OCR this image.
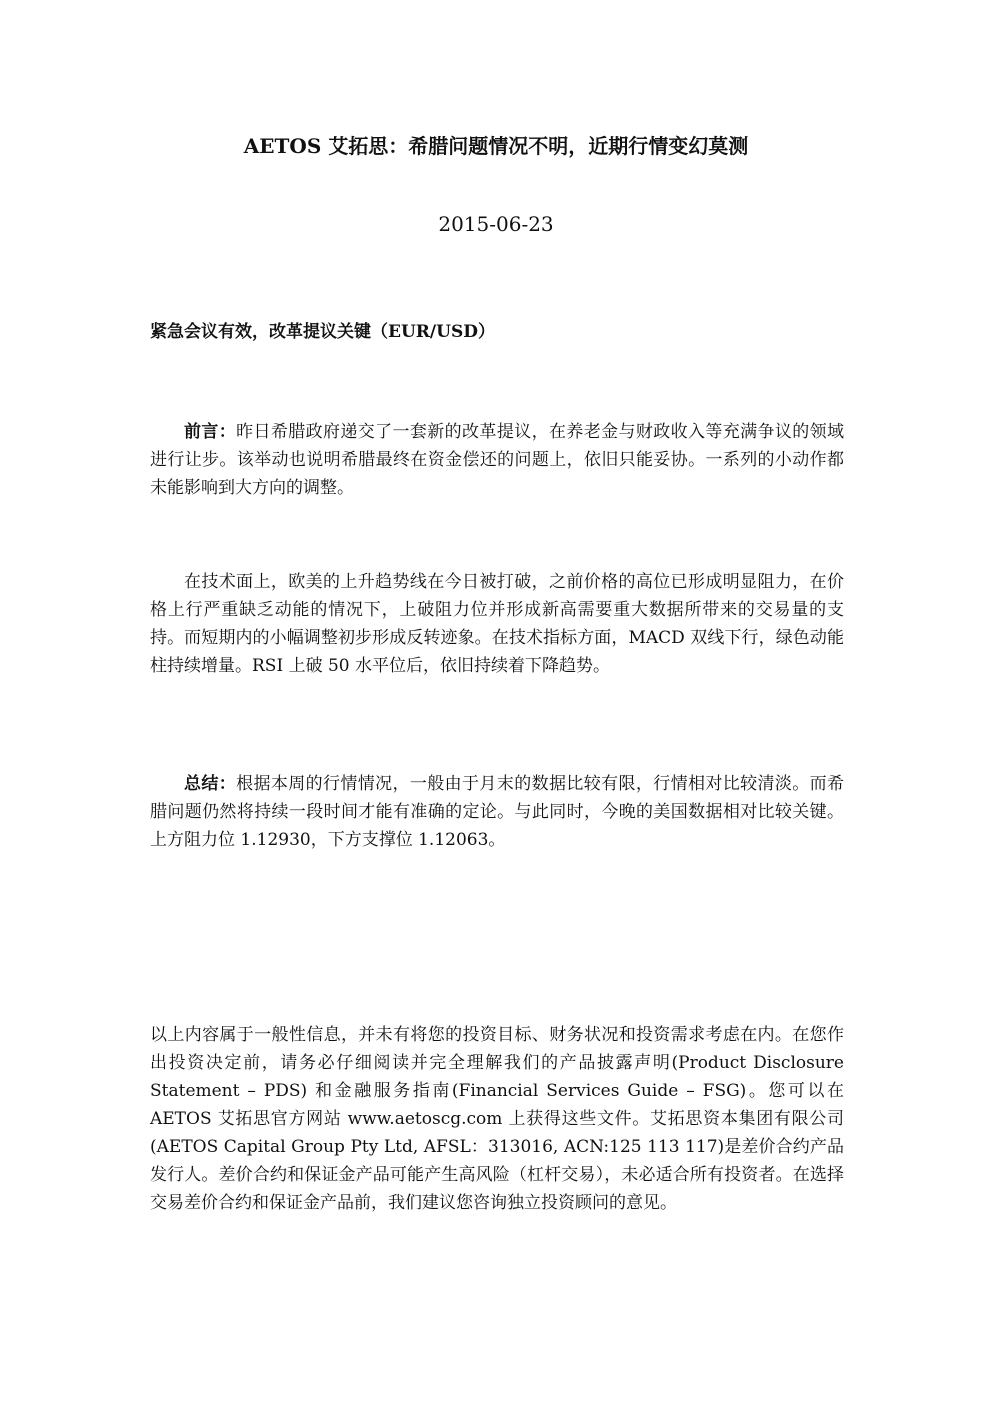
AETOS 艾拓思：希腊问题情况不明，近期行情变幻莫测
2015-06-23
紧急会议有效，改革提议关键（EUR/USD）

前言：昨日希腊政府递交了一套新的改革提议，在养老金与财政收入等充满争议的领域进行让步。该举动也说明希腊最终在资金偿还的问题上，依旧只能妥协。一系列的小动作都未能影响到大方向的调整。

在技术面上，欧美的上升趋势线在今日被打破，之前价格的高位已形成明显阻力，在价格上行严重缺乏动能的情况下，上破阻力位并形成新高需要重大数据所带来的交易量的支持。而短期内的小幅调整初步形成反转迹象。在技术指标方面，MACD 双线下行，绿色动能柱持续增量。RSI 上破 50 水平位后，依旧持续着下降趋势。

总结：根据本周的行情情况，一般由于月末的数据比较有限，行情相对比较清淡。而希腊问题仍然将持续一段时间才能有准确的定论。与此同时，今晚的美国数据相对比较关键。上方阻力位 1.12930，下方支撑位 1.12063。

以上内容属于一般性信息，并未有将您的投资目标、财务状况和投资需求考虑在内。在您作出投资决定前，请务必仔细阅读并完全理解我们的产品披露声明(Product Disclosure Statement – PDS) 和金融服务指南(Financial Services Guide – FSG)。您可以在 AETOS 艾拓思官方网站 www.aetoscg.com 上获得这些文件。艾拓思资本集团有限公司(AETOS Capital Group Pty Ltd, AFSL：313016, ACN:125 113 117)是差价合约产品发行人。差价合约和保证金产品可能产生高风险（杠杆交易），未必适合所有投资者。在选择交易差价合约和保证金产品前，我们建议您咨询独立投资顾问的意见。
